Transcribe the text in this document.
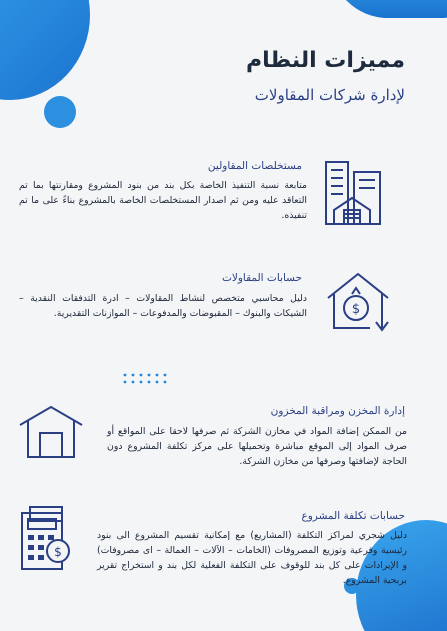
مميزات النظام
لإدارة شركات المقاولات
مستخلصات المقاولين
متابعة نسبة التنفيذ الخاصة بكل بند من بنود المشروع ومقارنتها بما تم التعاقد عليه ومن ثم اصدار المستخلصات الخاصة بالمشروع بناءً على ما تم تنفيذه.
$
حسابات المقاولات
دليل محاسبي متخصص لنشاط المقاولات – ادرة التدفقات النقدية – الشيكات والبنوك – المقبوضات والمدفوعات – الموازنات التقديرية.
إدارة المخزن ومراقبة المخزون
من الممكن إضافة المواد في مخازن الشركة ثم صرفها لاحقا على المواقع أو صرف المواد إلى الموقع مباشرة وتحميلها على مركز تكلفة المشروع دون الحاجة لإضافتها وصرفها من مخازن الشركة.
$
حسابات تكلفة المشروع
دليل شجري لمراكز التكلفة (المشاريع) مع إمكانية تقسيم المشروع الى بنود رئيسية وفرعية وتوزيع المصروفات (الخامات – الآلات – العمالة – اى مصروفات) و الإيرادات على كل بند للوقوف على التكلفة الفعلية لكل بند و استخراج تقرير بربحية المشروع.
